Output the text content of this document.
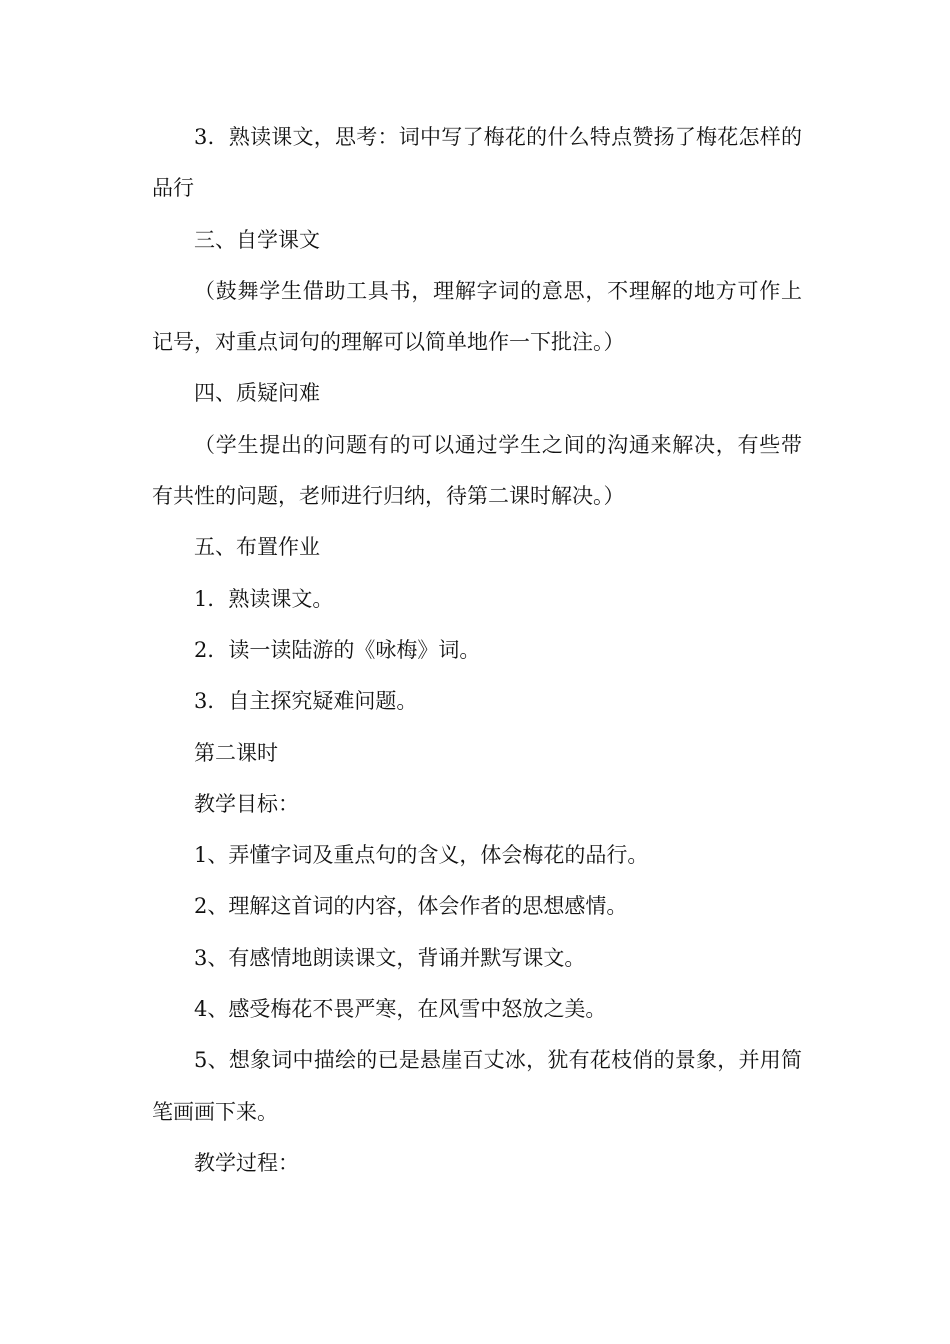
3．熟读课文，思考：词中写了梅花的什么特点赞扬了梅花怎样的品行

三、自学课文

（鼓舞学生借助工具书，理解字词的意思，不理解的地方可作上记号，对重点词句的理解可以简单地作一下批注。）

四、质疑问难

（学生提出的问题有的可以通过学生之间的沟通来解决，有些带有共性的问题，老师进行归纳，待第二课时解决。）

五、布置作业

1．熟读课文。

2．读一读陆游的《咏梅》词。

3．自主探究疑难问题。

第二课时

教学目标：

1、弄懂字词及重点句的含义，体会梅花的品行。

2、理解这首词的内容，体会作者的思想感情。

3、有感情地朗读课文，背诵并默写课文。

4、感受梅花不畏严寒，在风雪中怒放之美。

5、想象词中描绘的已是悬崖百丈冰，犹有花枝俏的景象，并用简笔画画下来。

教学过程：
